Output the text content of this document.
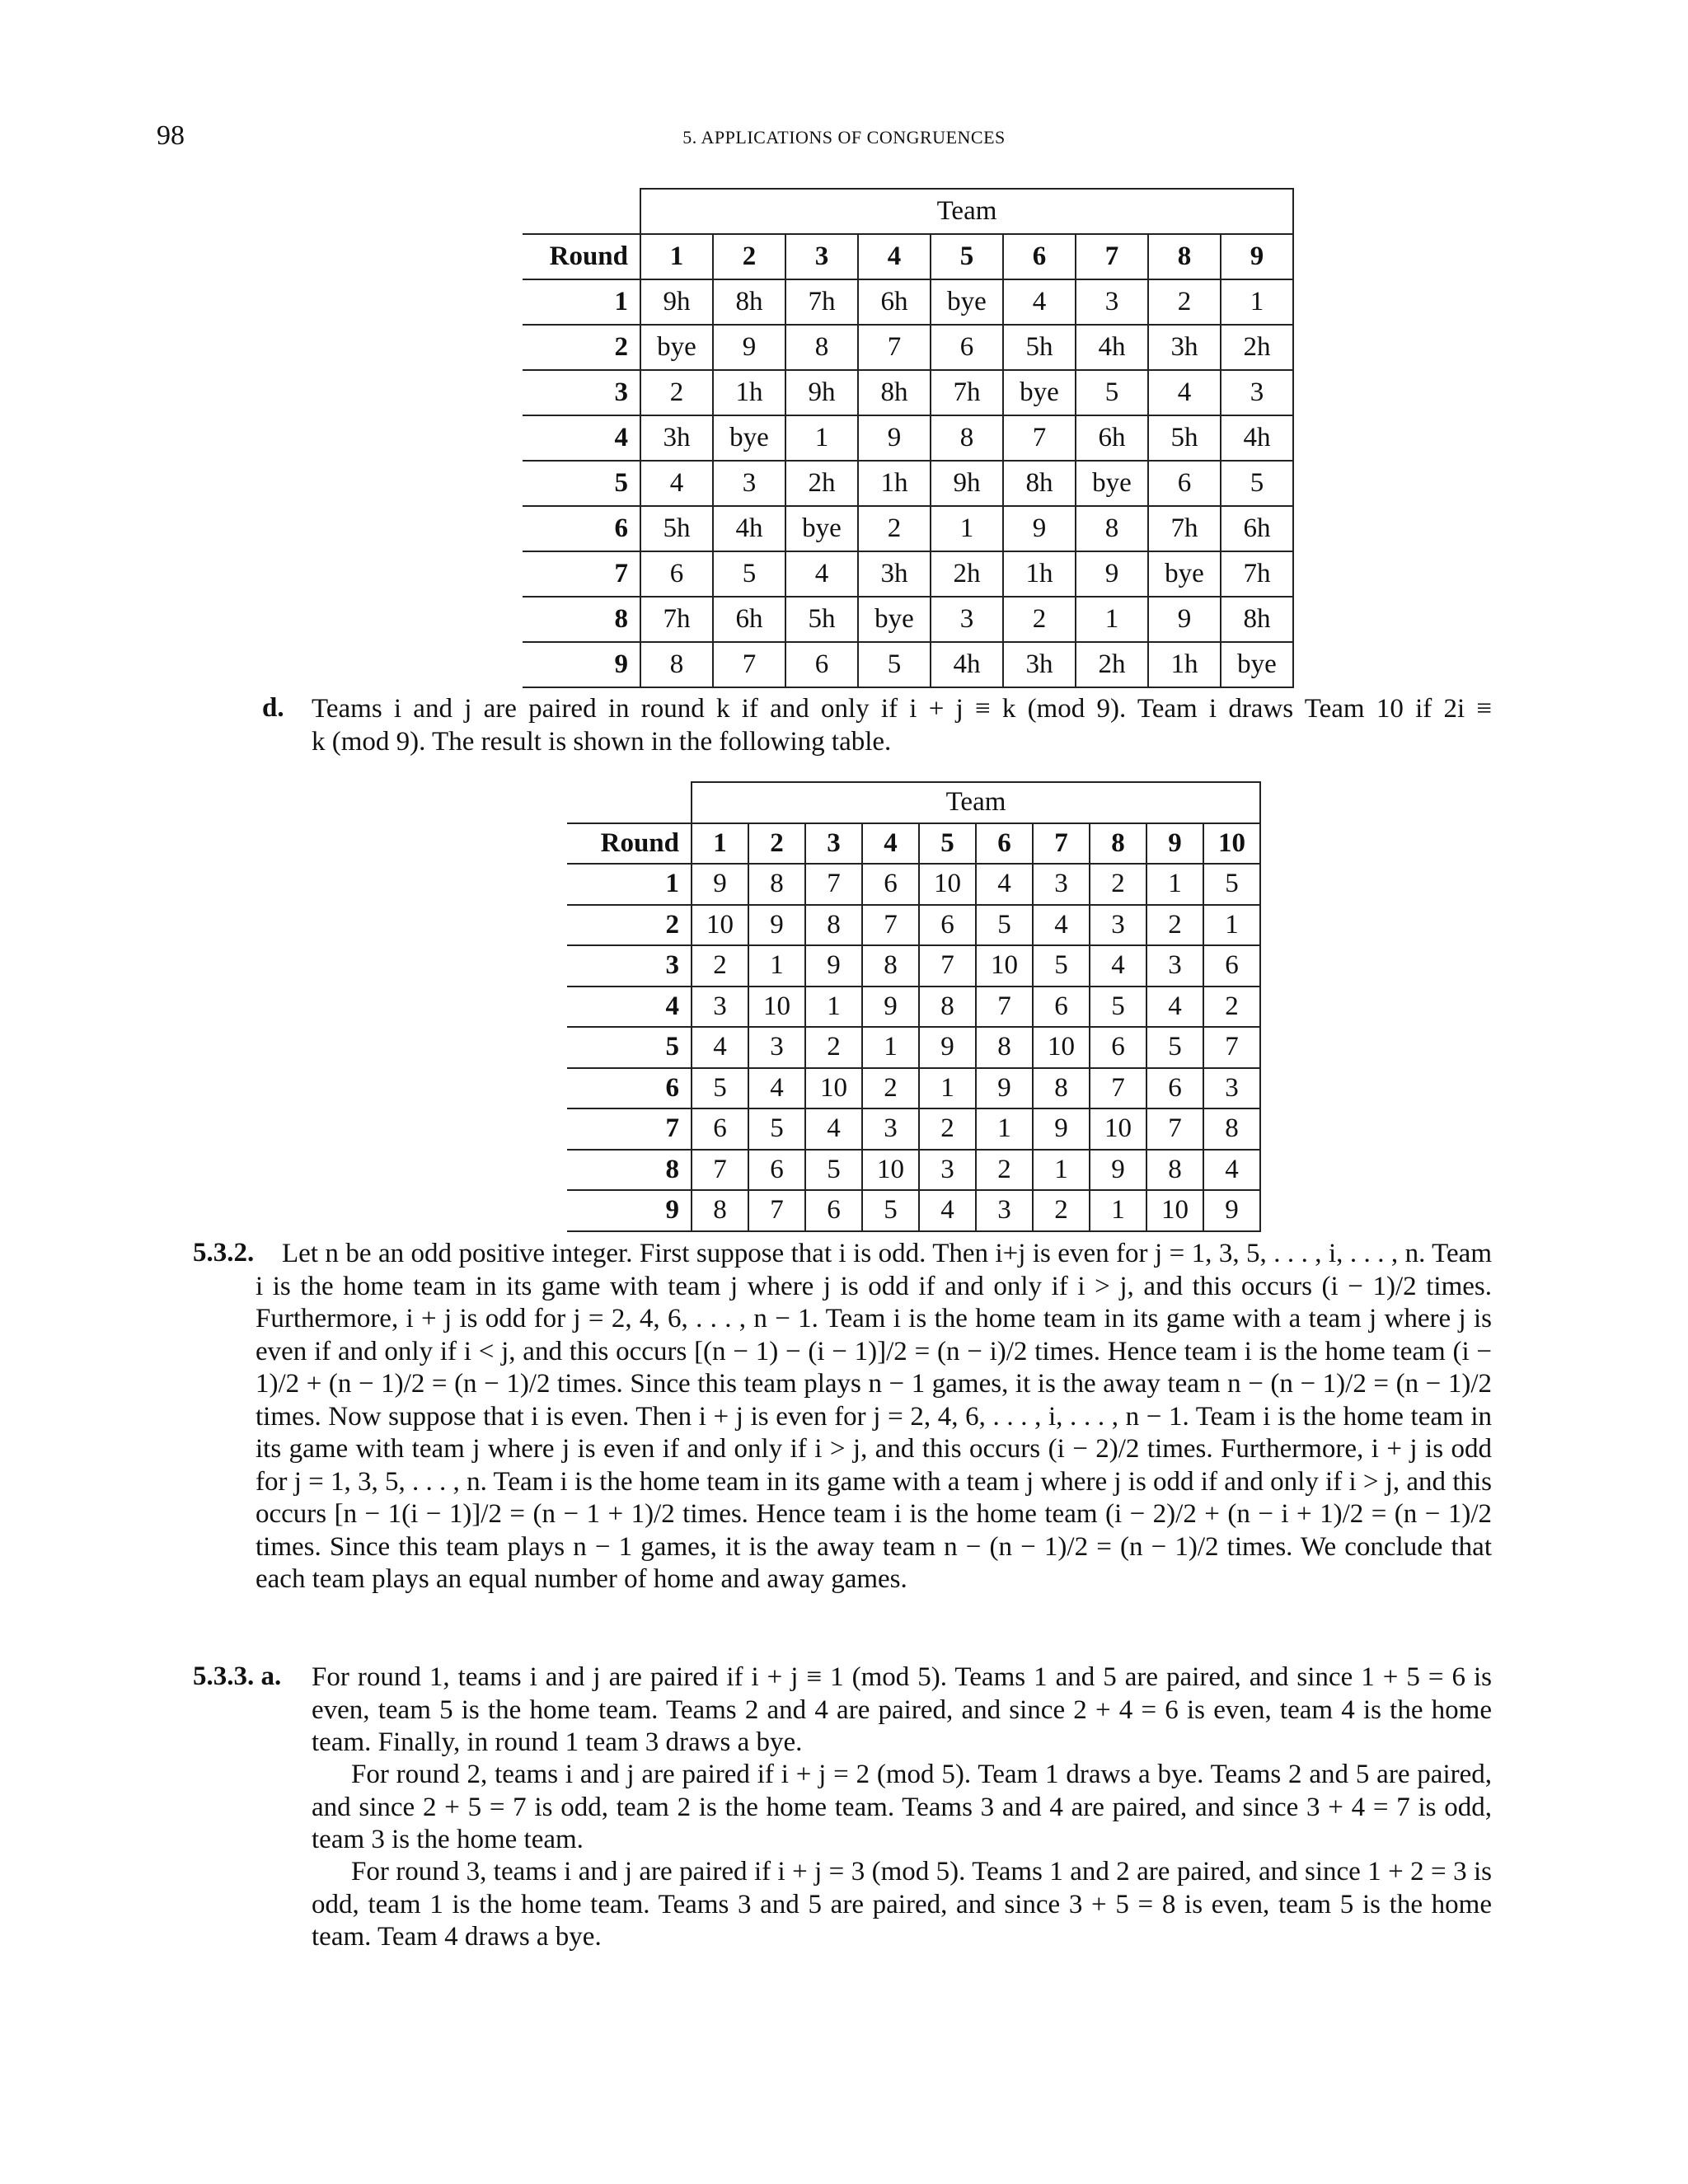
98	5. APPLICATIONS OF CONGRUENCES
	Team								
Round	1	2	3	4	5	6	7	8	9
1	9h	8h	7h	6h	bye	4	3	2	1
2	bye	9	8	7	6	5h	4h	3h	2h
3	2	1h	9h	8h	7h	bye	5	4	3
4	3h	bye	1	9	8	7	6h	5h	4h
5	4	3	2h	1h	9h	8h	bye	6	5
6	5h	4h	bye	2	1	9	8	7h	6h
7	6	5	4	3h	2h	1h	9	bye	7h
8	7h	6h	5h	bye	3	2	1	9	8h
9	8	7	6	5	4h	3h	2h	1h	bye
d. Teams i and j are paired in round k if and only if i + j ≡ k (mod 9). Team i draws Team 10 if 2i ≡
k (mod 9). The result is shown in the following table.
	Team									
Round	1	2	3	4	5	6	7	8	9	10
1	9	8	7	6	10	4	3	2	1	5
2	10	9	8	7	6	5	4	3	2	1
3	2	1	9	8	7	10	5	4	3	6
4	3	10	1	9	8	7	6	5	4	2
5	4	3	2	1	9	8	10	6	5	7
6	5	4	10	2	1	9	8	7	6	3
7	6	5	4	3	2	1	9	10	7	8
8	7	6	5	10	3	2	1	9	8	4
9	8	7	6	5	4	3	2	1	10	9
5.3.2.	Let n be an odd positive integer. First suppose that i is odd. Then i+j is even for j = 1, 3, 5, . . . , i, . . . , n. Team i is the home team in its game with team j where j is odd if and only if i > j, and this occurs (i − 1)/2 times. Furthermore, i + j is odd for j = 2, 4, 6, . . . , n − 1. Team i is the home team in its game with a team j where j is even if and only if i < j, and this occurs [(n − 1) − (i − 1)]/2 = (n − i)/2 times. Hence team i is the home team (i − 1)/2 + (n − 1)/2 = (n − 1)/2 times. Since this team plays n − 1 games, it is the away team n − (n − 1)/2 = (n − 1)/2 times. Now suppose that i is even. Then i + j is even for j = 2, 4, 6, . . . , i, . . . , n − 1. Team i is the home team in its game with team j where j is even if and only if i > j, and this occurs (i − 2)/2 times. Furthermore, i + j is odd for j = 1, 3, 5, . . . , n. Team i is the home team in its game with a team j where j is odd if and only if i > j, and this occurs [n − 1(i − 1)]/2 = (n − 1 + 1)/2 times. Hence team i is the home team (i − 2)/2 + (n − i + 1)/2 = (n − 1)/2 times. Since this team plays n − 1 games, it is the away team n − (n − 1)/2 = (n − 1)/2 times. We conclude that each team plays an equal number of home and away games.
5.3.3. a. For round 1, teams i and j are paired if i + j ≡ 1 (mod 5). Teams 1 and 5 are paired, and since 1 + 5 = 6 is even, team 5 is the home team. Teams 2 and 4 are paired, and since 2 + 4 = 6 is even, team 4 is the home team. Finally, in round 1 team 3 draws a bye.
For round 2, teams i and j are paired if i + j = 2 (mod 5). Team 1 draws a bye. Teams 2 and 5 are paired, and since 2 + 5 = 7 is odd, team 2 is the home team. Teams 3 and 4 are paired, and since 3 + 4 = 7 is odd, team 3 is the home team.
For round 3, teams i and j are paired if i + j = 3 (mod 5). Teams 1 and 2 are paired, and since 1 + 2 = 3 is odd, team 1 is the home team. Teams 3 and 5 are paired, and since 3 + 5 = 8 is even, team 5 is the home team. Team 4 draws a bye.
